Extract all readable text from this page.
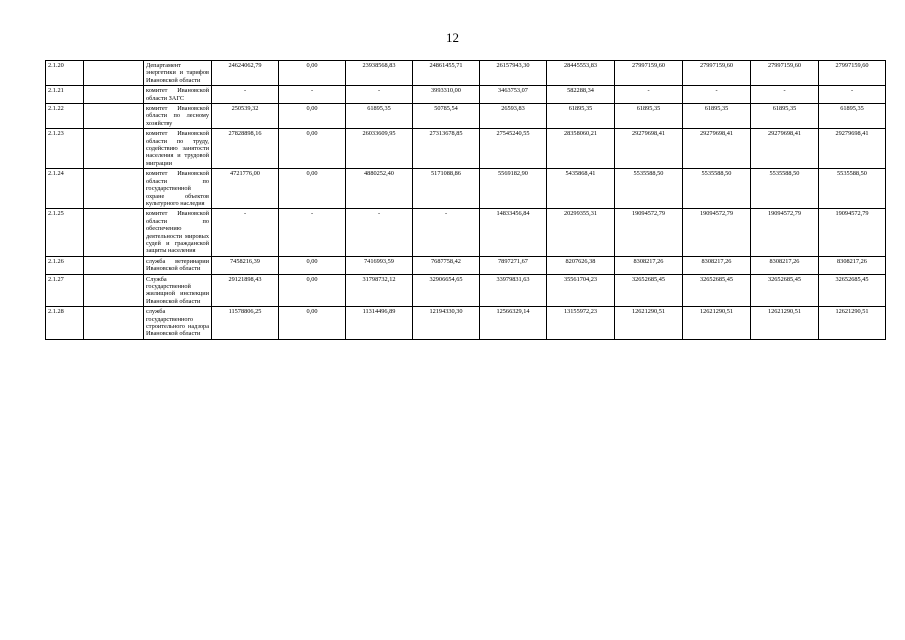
12
2.1.20		Департамент энергетики и тарифов Ивановской области	24624062,79	0,00	23938568,83	24861455,71	26157943,30	28445553,83	27997159,60	27997159,60	27997159,60	27997159,60
2.1.21		комитет Ивановской области ЗАГС	-	-	-	3993310,00	3463753,07	582288,34	-	-	-	-
2.1.22		комитет Ивановской области по лесному хозяйству	250539,32	0,00	61895,35	50785,54	26593,83	61895,35	61895,35	61895,35	61895,35	61895,35
2.1.23		комитет Ивановской области по труду, содействию занятости населения и трудовой миграции	27828898,16	0,00	26033609,95	27313678,85	27545240,55	28358060,21	29279698,41	29279698,41	29279698,41	29279698,41
2.1.24		комитет Ивановской области по государственной охране объектов культурного наследия	4721776,00	0,00	4880252,40	5171088,86	5569182,90	5435868,41	5535588,50	5535588,50	5535588,50	5535588,50
2.1.25		комитет Ивановской области по обеспечению деятельности мировых судей и гражданской защиты населения	-	-	-	-	14833456,84	20299355,31	19094572,79	19094572,79	19094572,79	19094572,79
2.1.26		служба ветеринарии Ивановской области	7458216,39	0,00	7416993,59	7687758,42	7897271,67	8207626,38	8308217,26	8308217,26	8308217,26	8308217,26
2.1.27		Служба государственной жилищной инспекции Ивановской области	29121898,43	0,00	31798732,12	32906654,65	33979831,63	35561704,23	32652685,45	32652685,45	32652685,45	32652685,45
2.1.28		служба государственного строительного надзора Ивановской области	11578806,25	0,00	11314496,89	12194330,30	12566329,14	13155972,23	12621290,51	12621290,51	12621290,51	12621290,51
